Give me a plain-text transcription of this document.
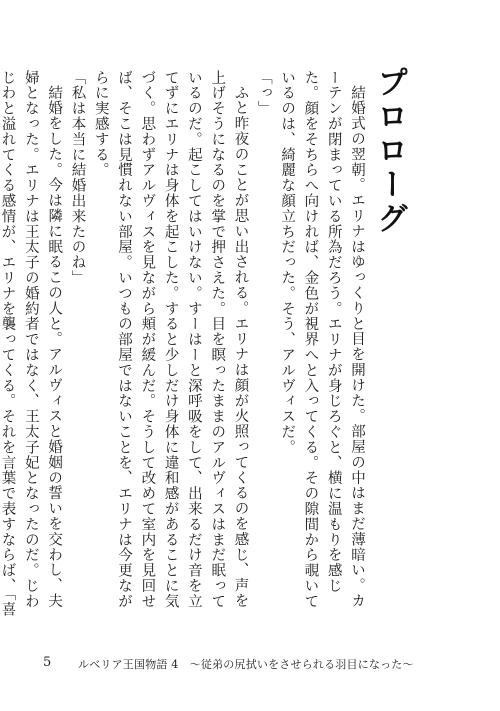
プロローグ

結婚式の翌朝。エリナはゆっくりと目を開けた。部屋の中はまだ薄暗い。カーテンが閉まっている所為だろう。エリナが身じろぐと、横に温もりを感じた。顔をそちらへ向ければ、金色が視界へと入ってくる。その隙間から覗いているのは、綺麗な顔立ちだった。そう、アルヴィスだ。

「っ」

ふと昨夜のことが思い出される。エリナは顔が火照ってくるのを感じ、声を上げそうになるのを掌で押さえた。目を瞑ったままのアルヴィスはまだ眠っているのだ。起こしてはいけない。すーはーと深呼吸をして、出来るだけ音を立てずにエリナは身体を起こした。すると少しだけ身体に違和感があることに気づく。思わずアルヴィスを見ながら頬が緩んだ。そうして改めて室内を見回せば、そこは見慣れない部屋。いつもの部屋ではないことを、エリナは今更ながらに実感する。

「私は本当に結婚出来たのね」

結婚をした。今は隣に眠るこの人と。アルヴィスと婚姻の誓いを交わし、夫婦となった。エリナは王太子の婚約者ではなく、王太子妃となったのだ。じわじわと溢れてくる感情が、エリナを襲ってくる。それを言葉で表すならば、「喜

5 ルベリア王国物語 4　～従弟の尻拭いをさせられる羽目になった～
